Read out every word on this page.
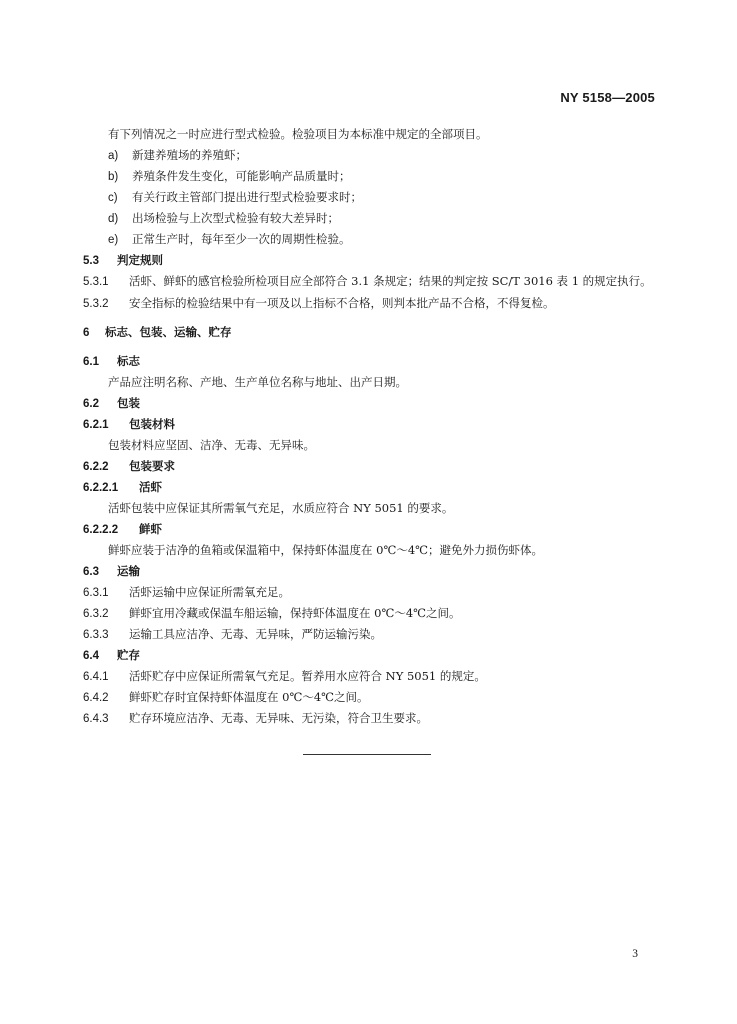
NY 5158—2005
有下列情况之一时应进行型式检验。检验项目为本标准中规定的全部项目。
a) 新建养殖场的养殖虾；
b) 养殖条件发生变化，可能影响产品质量时；
c) 有关行政主管部门提出进行型式检验要求时；
d) 出场检验与上次型式检验有较大差异时；
e) 正常生产时，每年至少一次的周期性检验。
5.3 判定规则
5.3.1 活虾、鲜虾的感官检验所检项目应全部符合 3.1 条规定；结果的判定按 SC/T 3016 表 1 的规定执行。
5.3.2 安全指标的检验结果中有一项及以上指标不合格，则判本批产品不合格，不得复检。
6 标志、包装、运输、贮存
6.1 标志
产品应注明名称、产地、生产单位名称与地址、出产日期。
6.2 包装
6.2.1 包装材料
包装材料应坚固、洁净、无毒、无异味。
6.2.2 包装要求
6.2.2.1 活虾
活虾包装中应保证其所需氧气充足，水质应符合 NY 5051 的要求。
6.2.2.2 鲜虾
鲜虾应装于洁净的鱼箱或保温箱中，保持虾体温度在 0℃～4℃；避免外力损伤虾体。
6.3 运输
6.3.1 活虾运输中应保证所需氧充足。
6.3.2 鲜虾宜用冷藏或保温车船运输，保持虾体温度在 0℃～4℃之间。
6.3.3 运输工具应洁净、无毒、无异味，严防运输污染。
6.4 贮存
6.4.1 活虾贮存中应保证所需氧气充足。暂养用水应符合 NY 5051 的规定。
6.4.2 鲜虾贮存时宜保持虾体温度在 0℃～4℃之间。
6.4.3 贮存环境应洁净、无毒、无异味、无污染，符合卫生要求。
3
